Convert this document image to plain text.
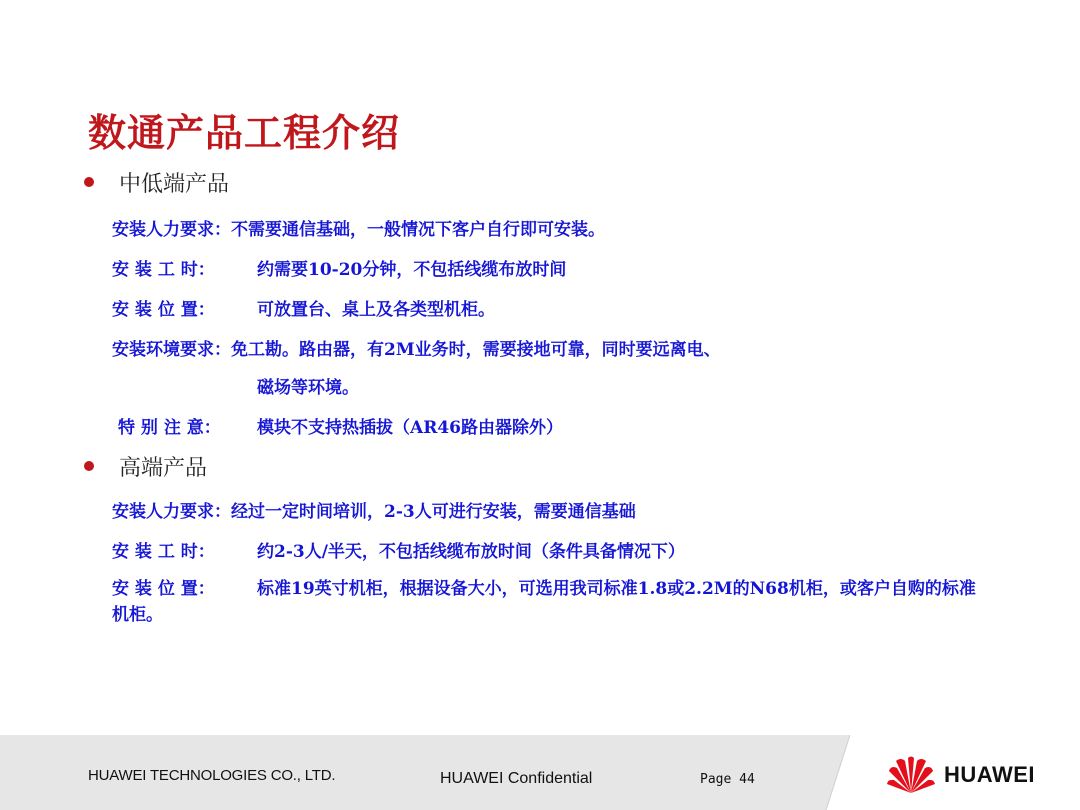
数通产品工程介绍
中低端产品
安装人力要求：不需要通信基础，一般情况下客户自行即可安装。
安 装 工 时： 约需要10-20分钟，不包括线缆布放时间
安 装 位 置： 可放置台、桌上及各类型机柜。
安装环境要求：免工勘。路由器，有2M业务时，需要接地可靠，同时要远离电、
磁场等环境。
特 别 注 意： 模块不支持热插拔（AR46路由器除外）
高端产品
安装人力要求：经过一定时间培训，2-3人可进行安装，需要通信基础
安 装 工 时： 约2-3人/半天，不包括线缆布放时间（条件具备情况下）
安 装 位 置： 标准19英寸机柜，根据设备大小，可选用我司标准1.8或2.2M的N68机柜，或客户自购的标准机柜。
HUAWEI TECHNOLOGIES CO., LTD.	HUAWEI Confidential	Page 44	HUAWEI
